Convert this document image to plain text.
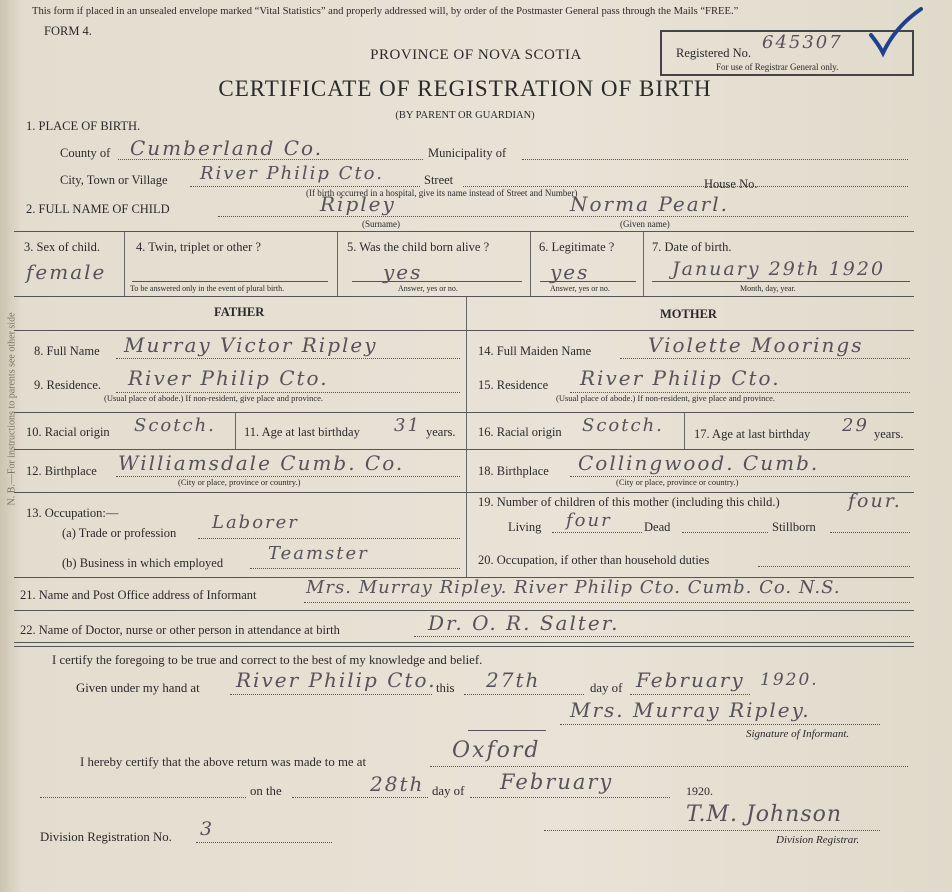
N. B.—For instructions to parents see other side
This form if placed in an unsealed envelope marked “Vital Statistics” and properly addressed will, by order of the Postmaster General pass through the Mails “FREE.”
FORM 4.
PROVINCE OF NOVA SCOTIA
CERTIFICATE OF REGISTRATION OF BIRTH
(BY PARENT OR GUARDIAN)
Registered No. 645307
For use of Registrar General only.
1. PLACE OF BIRTH.
County of Cumberland Co.	Municipality of
City, Town or Village River Philip Cto.	Street
(If birth occurred in a hospital, give its name instead of Street and Number)
House No.
2. FULL NAME OF CHILD	Ripley
(Surname)
Norma Pearl.
(Given name)
3. Sex of child.
female
4. Twin, triplet or other ?
To be answered only in the event of plural birth.
5. Was the child born alive ?
yes
Answer, yes or no.
6. Legitimate ?
yes
Answer, yes or no.
7. Date of birth.
January 29th 1920
Month, day, year.
FATHER	MOTHER
8. Full Name Murray Victor Ripley
9. Residence. River Philip Cto.
(Usual place of abode.) If non-resident, give place and province.
10. Racial origin Scotch. 11. Age at last birthday 31 years.
12. Birthplace Williamsdale Cumb. Co.
(City or place, province or country.)
13. Occupation:—
(a) Trade or profession Laborer
(b) Business in which employed Teamster
14. Full Maiden Name	Violette Moorings
15. Residence River Philip Cto.
(Usual place of abode.) If non-resident, give place and province.
16. Racial origin Scotch. 17. Age at last birthday 29 years.
18. Birthplace Collingwood. Cumb.
(City or place, province or country.)
19. Number of children of this mother (including this child.)	four.
Living four	Dead	Stillborn
20. Occupation, if other than household duties
21. Name and Post Office address of Informant	Mrs. Murray Ripley. River Philip Cto. Cumb. Co. N.S.
22. Name of Doctor, nurse or other person in attendance at birth	Dr. O. R. Salter.
I certify the foregoing to be true and correct to the best of my knowledge and belief.
Given under my hand at River Philip Cto. this 27th	day of February 1920.
Mrs. Murray Ripley.
Signature of Informant.
I hereby certify that the above return was made to me at	Oxford
on the	28th day of February	1920.
Division Registration No. 3
T.M. Johnson
Division Registrar.
